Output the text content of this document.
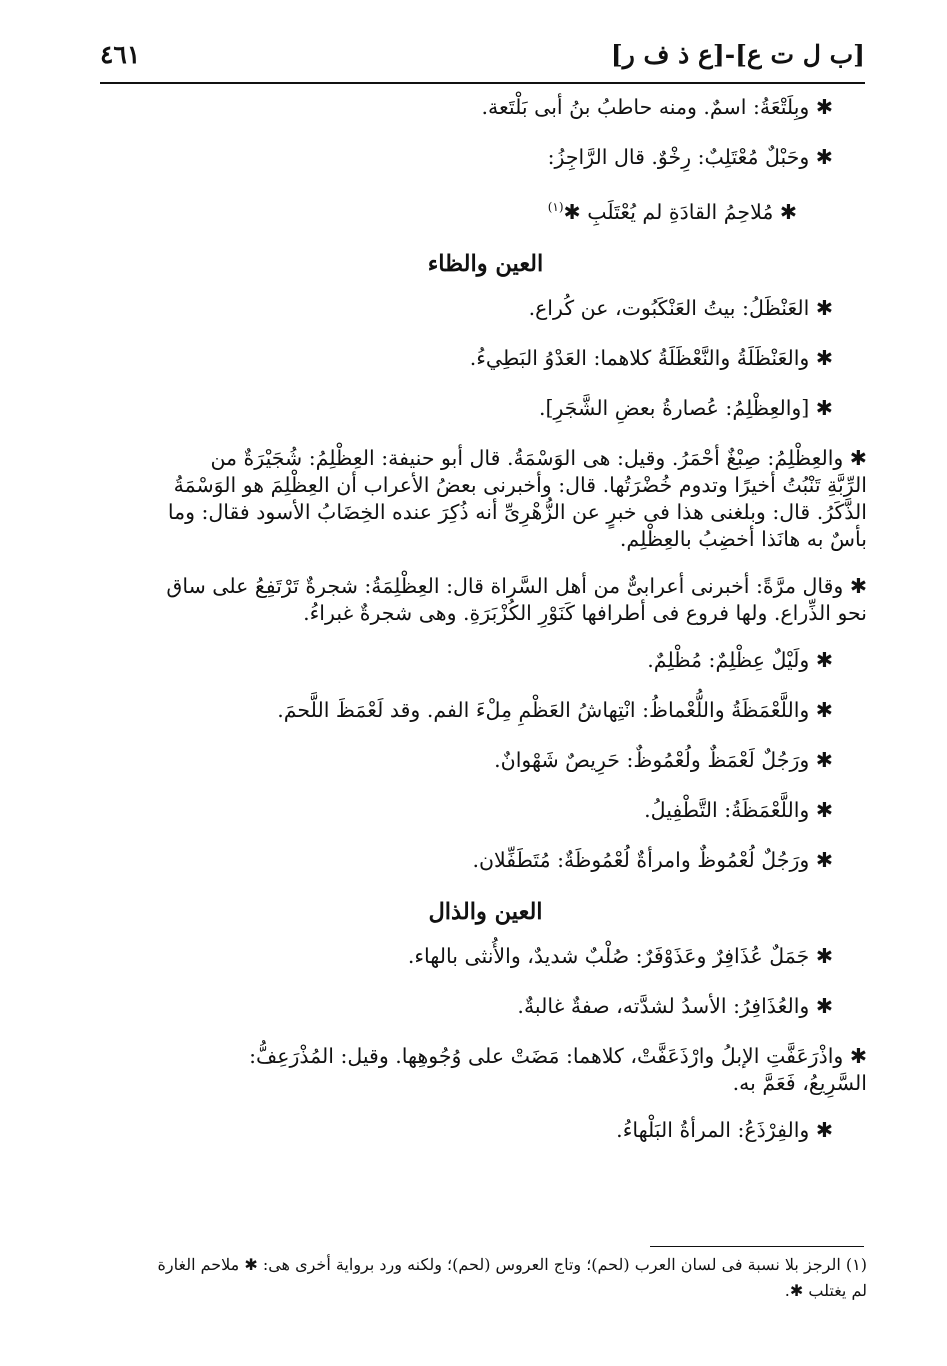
[ب ل ت ع]-[ع ذ ف ر]
٤٦١

✱ وبِلَتْعَةُ: اسمٌ. ومنه حاطبُ بنُ أبى بَلْتَعة.

✱ وحَبْلٌ مُعْتَلِبٌ: رِخْوٌ. قال الرَّاجِزُ:

✱ مُلاحِمُ القادَةِ لم يُعْتَلَبِ ✱$^{(١)}$

العين والظاء

✱ العَنْظَلُ: بيتُ العَنْكَبُوت، عن كُراع.

✱ والعَنْظَلَةُ والنَّعْظَلَةُ كلاهما: العَدْوُ البَطِيءُ.

✱ [والعِظْلِمُ: عُصارةُ بعضِ الشَّجَرِ].

✱ والعِظْلِمُ: صِبْغٌ أحْمَرُ. وقيل: هى الوَسْمَةُ. قال أبو حنيفة: العِظْلِمُ: شُجَيْرَةٌ من

الرِّبَّةِ تَنْبُتُ أخيرًا وتدوم خُضْرَتُها. قال: وأخبرنى بعضُ الأعراب أن العِظْلِمَ هو الوَسْمَةُ

الذَّكَرُ. قال: وبلغنى هذا فى خبرٍ عن الزُّهْرِىِّ أنه ذُكِرَ عنده الخِضَابُ الأسود فقال: وما

بأسٌ به هانَذا أخضِبُ بالعِظْلِم.

✱ وقال مرَّةً: أخبرنى أعرابىٌّ من أهل السَّراة قال: العِظْلِمَةُ: شجرةٌ تَرْتَفِعُ على ساق

نحو الذِّراع. ولها فروع فى أطرافها كَنَوْرِ الكُزْبَرَةِ. وهى شجرةٌ غبراءُ.

✱ ولَيْلٌ عِظْلِمٌ: مُظْلِمٌ.

✱ واللَّعْمَظَةُ واللُّعْماظُ: انْتِهاشُ العَظْمِ مِلْءَ الفم. وقد لَعْمَظَ اللَّحمَ.

✱ ورَجُلٌ لَعْمَظٌ ولُعْمُوظٌ: حَرِيصٌ شَهْوانٌ.

✱ واللَّعْمَظَةُ: التَّطْفِيلُ.

✱ ورَجُلٌ لُعْمُوظٌ وامرأةٌ لُعْمُوظَةٌ: مُتَطَفِّلان.

العين والذال

✱ جَمَلٌ عُذَافِرٌ وعَذَوْفَرٌ: صُلْبٌ شديدٌ، والأُنثى بالهاء.

✱ والعُذَافِرُ: الأسدُ لشدَّته، صفةٌ غالبةٌ.

✱ واذْرَعَفَّتِ الإبلُ وارْذَعَفَّتْ، كلاهما: مَضَتْ على وُجُوهِها. وقيل: المُذْرَعِفُّ:

السَّرِيعُ، فَعَمَّ به.

✱ والفِرْذَعُ: المرأةُ البَلْهاءُ.

(١) الرجز بلا نسبة فى لسان العرب (لحم)؛ وتاج العروس (لحم)؛ ولكنه ورد برواية أخرى هى: ✱ ملاحم الغارة
لم يغتلب ✱.
